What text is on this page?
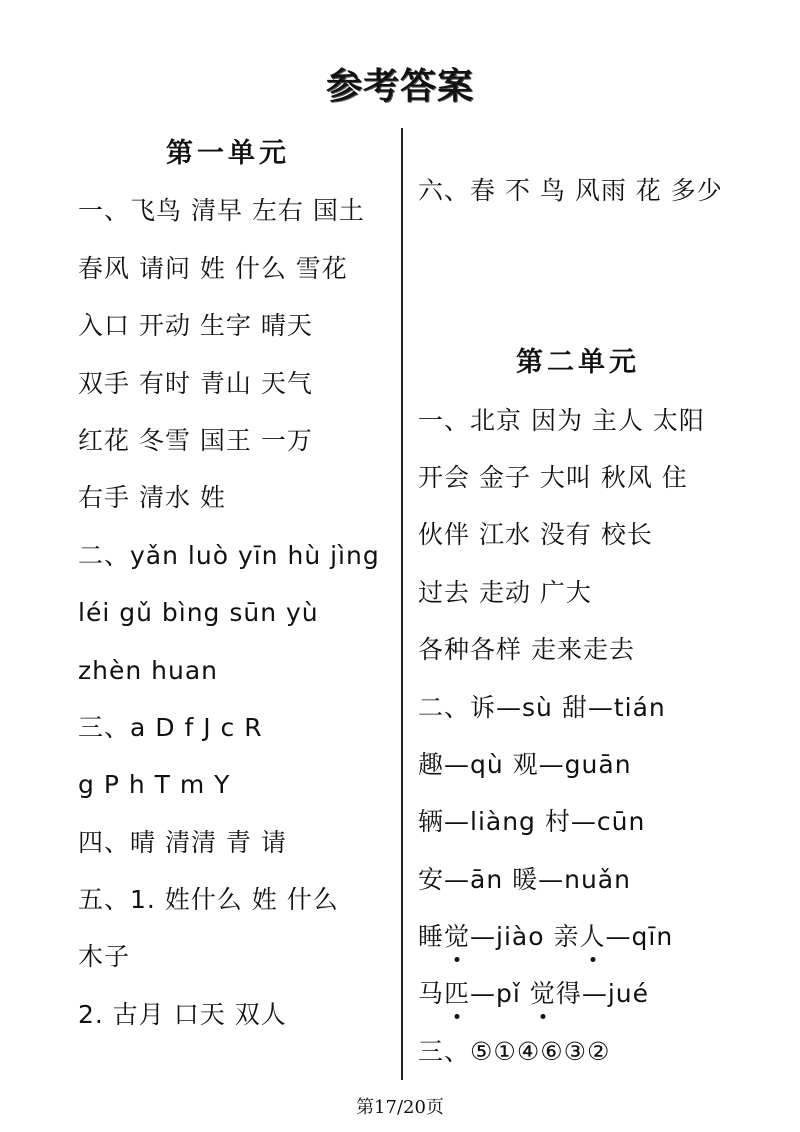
参考答案
第一单元
一、飞鸟 清早 左右 国土
春风 请问 姓 什么 雪花
入口 开动 生字 晴天
双手 有时 青山 天气
红花 冬雪 国王 一万
右手 清水 姓
二、yǎn luò yīn hù jìng
léi gǔ bìng sūn yù
zhèn huan
三、a D f J c R
g P h T m Y
四、晴 清清 青 请
五、1. 姓什么 姓 什么
木子
2. 古月 口天 双人
六、春 不 鸟 风雨 花 多少
第二单元
一、北京 因为 主人 太阳
开会 金子 大叫 秋风 住
伙伴 江水 没有 校长
过去 走动 广大
各种各样 走来走去
二、诉—sù 甜—tián
趣—qù 观—guān
辆—liàng 村—cūn
安—ān 暖—nuǎn
睡觉—jiào 亲人—qīn
马匹—pǐ 觉得—jué
三、⑤①④⑥③②
第17/20页
